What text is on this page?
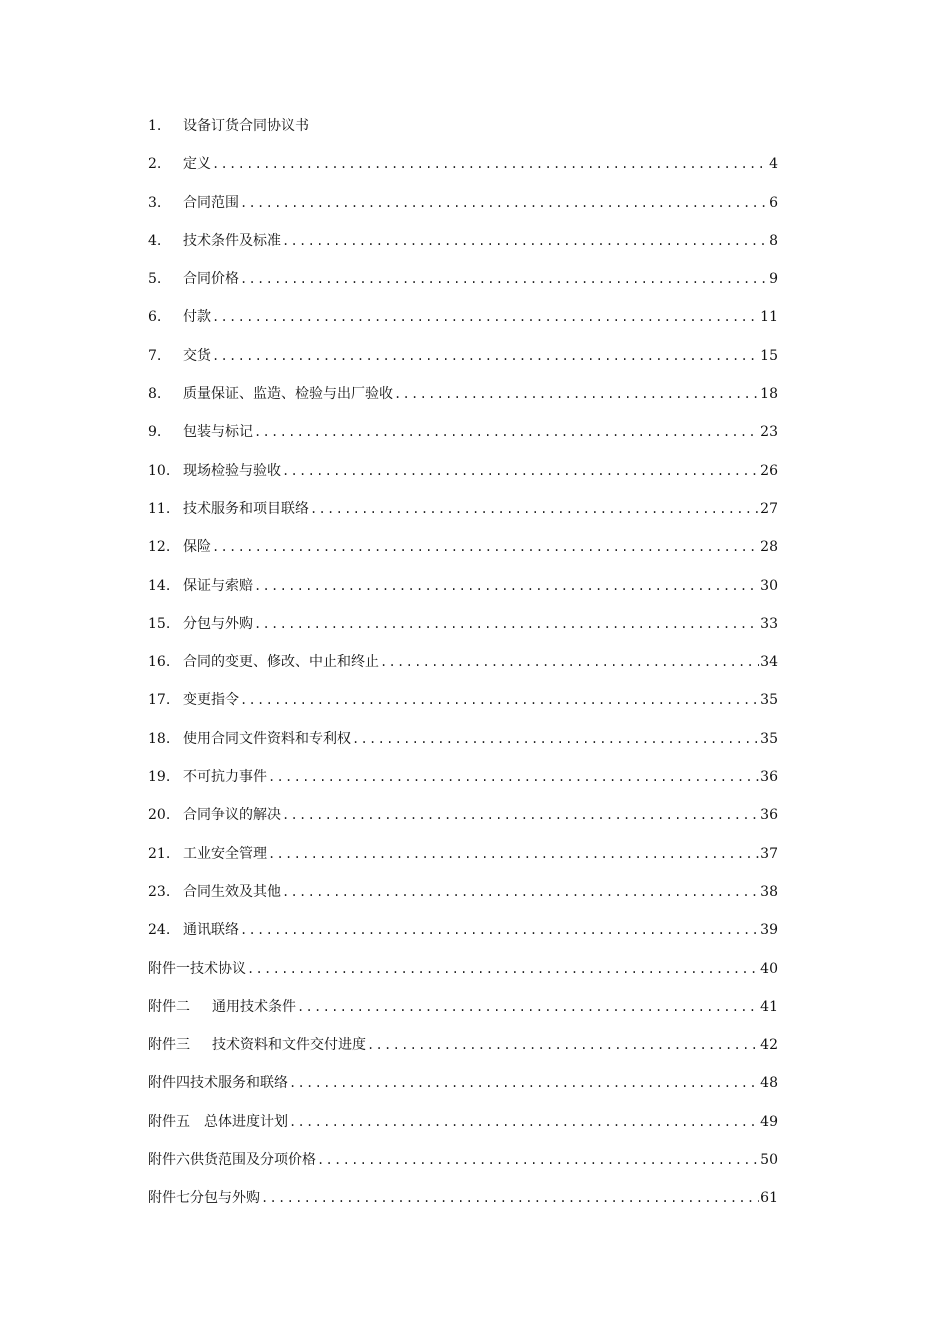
1.	设备订货合同协议书
2.	定义 .....	4
3.	合同范围 .....	6
4.	技术条件及标准 .....	8
5.	合同价格 .....	9
6.	付款 .....	11
7.	交货 .....	15
8.	质量保证、监造、检验与出厂验收 .....	18
9.	包装与标记 .....	23
10. 现场检验与验收 .....	26
11. 技术服务和项目联络 .....	27
12. 保险 .....	28
14. 保证与索赔 .....	30
15. 分包与外购 .....	33
16. 合同的变更、修改、中止和终止 .....	34
17. 变更指令 .....	35
18. 使用合同文件资料和专利权 .....	35
19. 不可抗力事件 .....	36
20. 合同争议的解决 .....	36
21. 工业安全管理 .....	37
23. 合同生效及其他 .....	38
24. 通讯联络 .....	39
附件一 技术协议 .....	40
附件二 通用技术条件 .....	41
附件三 技术资料和文件交付进度 .....	42
附件四 技术服务和联络 .....	48
附件五 总体进度计划 .....	49
附件六 供货范围及分项价格 .....	50
附件七 分包与外购 .....	61
